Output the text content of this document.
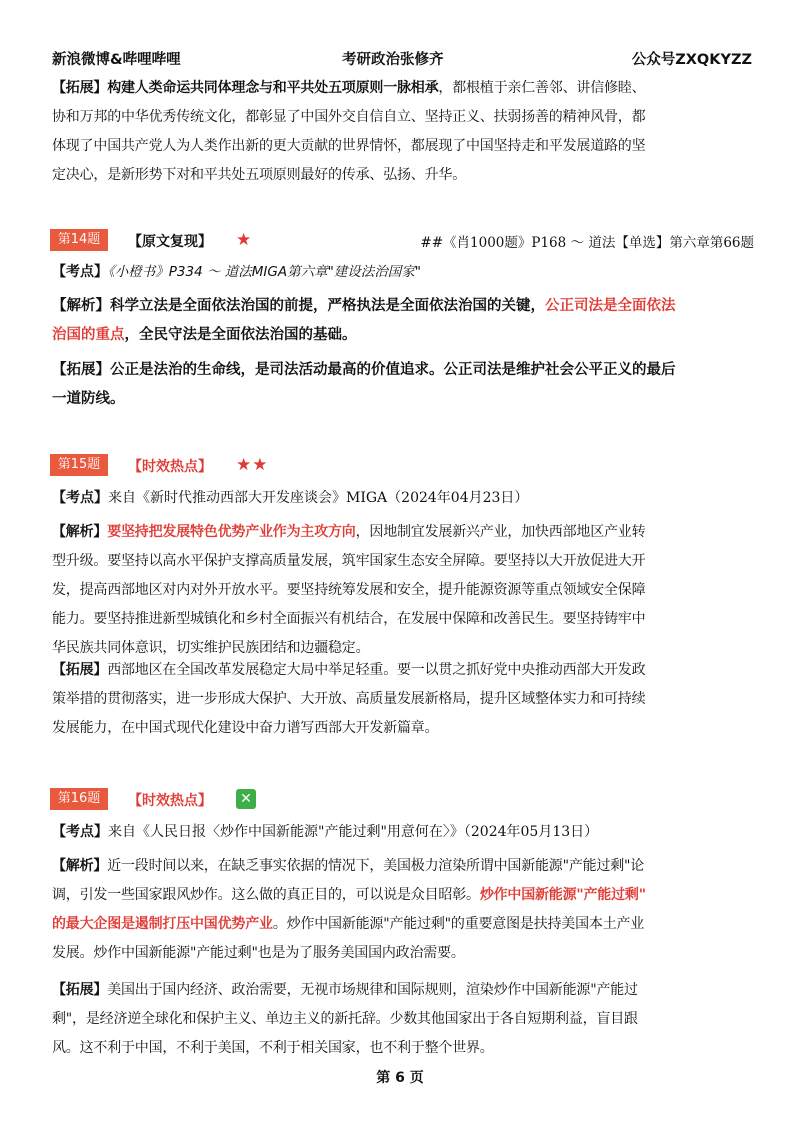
新浪微博&哔哩哔哩	考研政治张修齐	公众号ZXQKYZZ
【拓展】构建人类命运共同体理念与和平共处五项原则一脉相承，都根植于亲仁善邻、讲信修睦、
协和万邦的中华优秀传统文化，都彰显了中国外交自信自立、坚持正义、扶弱扬善的精神风骨，都
体现了中国共产党人为人类作出新的更大贡献的世界情怀，都展现了中国坚持走和平发展道路的坚
定决心，是新形势下对和平共处五项原则最好的传承、弘扬、升华。
第14题	【原文复现】 ★	##《肖1000题》P168 ～ 道法【单选】第六章第66题
【考点】《小橙书》P334 ～ 道法MIGA第六章"建设法治国家"
【解析】科学立法是全面依法治国的前提，严格执法是全面依法治国的关键，公正司法是全面依法
治国的重点，全民守法是全面依法治国的基础。
【拓展】公正是法治的生命线，是司法活动最高的价值追求。公正司法是维护社会公平正义的最后
一道防线。
第15题	【时效热点】 ★★
【考点】来自《新时代推动西部大开发座谈会》MIGA（2024年04月23日）
【解析】要坚持把发展特色优势产业作为主攻方向，因地制宜发展新兴产业，加快西部地区产业转
型升级。要坚持以高水平保护支撑高质量发展，筑牢国家生态安全屏障。要坚持以大开放促进大开
发，提高西部地区对内对外开放水平。要坚持统筹发展和安全，提升能源资源等重点领域安全保障
能力。要坚持推进新型城镇化和乡村全面振兴有机结合，在发展中保障和改善民生。要坚持铸牢中
华民族共同体意识，切实维护民族团结和边疆稳定。
【拓展】西部地区在全国改革发展稳定大局中举足轻重。要一以贯之抓好党中央推动西部大开发政
策举措的贯彻落实，进一步形成大保护、大开放、高质量发展新格局，提升区域整体实力和可持续
发展能力，在中国式现代化建设中奋力谱写西部大开发新篇章。
第16题	【时效热点】 ✕
【考点】来自《人民日报〈炒作中国新能源"产能过剩"用意何在〉》（2024年05月13日）
【解析】近一段时间以来，在缺乏事实依据的情况下，美国极力渲染所谓中国新能源"产能过剩"论
调，引发一些国家跟风炒作。这么做的真正目的，可以说是众目昭彰。炒作中国新能源"产能过剩"
的最大企图是遏制打压中国优势产业。炒作中国新能源"产能过剩"的重要意图是扶持美国本土产业
发展。炒作中国新能源"产能过剩"也是为了服务美国国内政治需要。
【拓展】美国出于国内经济、政治需要，无视市场规律和国际规则，渲染炒作中国新能源"产能过
剩"，是经济逆全球化和保护主义、单边主义的新托辞。少数其他国家出于各自短期利益，盲目跟
风。这不利于中国，不利于美国，不利于相关国家，也不利于整个世界。
第 6 页
